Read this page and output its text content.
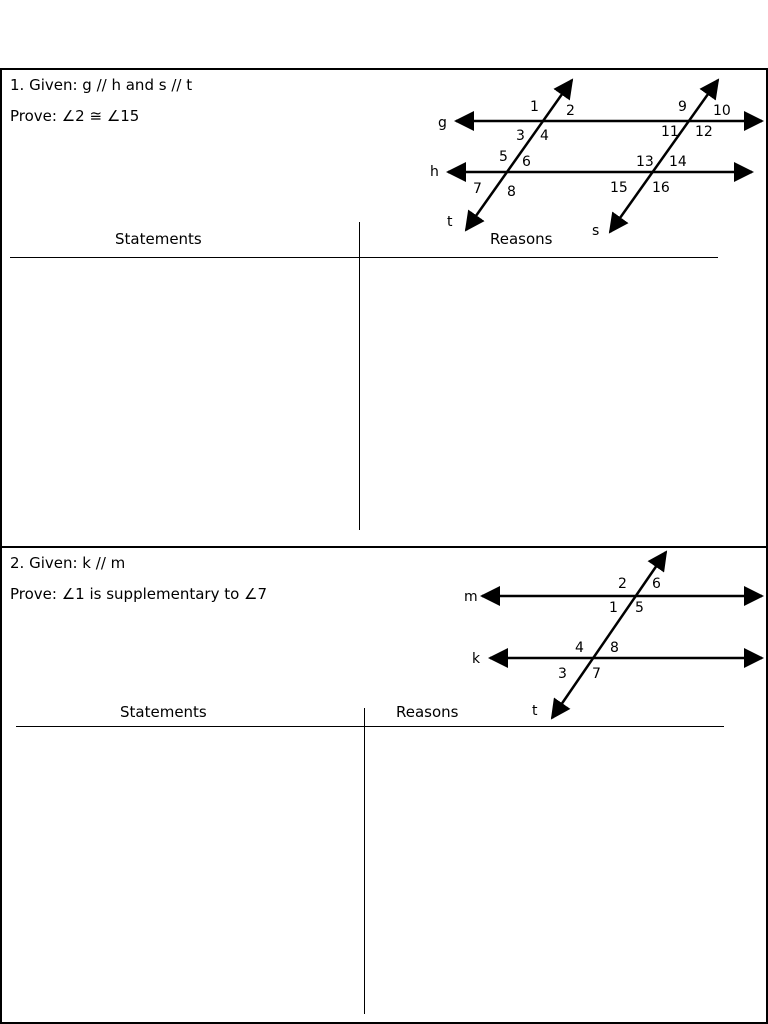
1. Given: g // h and s // t
Prove: ∠2 ≅ ∠15	g
h
t
s
1 2
3 4
5 6
7 8
9 10
11 12
13 14
15 16
Statements	Reasons
2. Given: k // m
Prove: ∠1 is supplementary to ∠7	m
k
t
2 6
1 5
4 8
3 7
Statements	Reasons
